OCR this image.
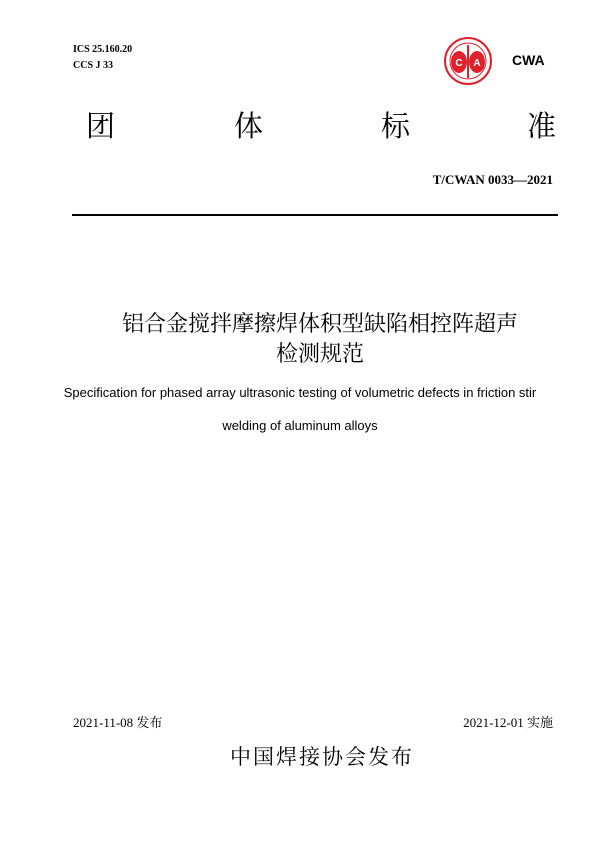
ICS 25.160.20
CCS J 33	C A CWA
团	体	标	准
T/CWAN 0033—2021
铝合金搅拌摩擦焊体积型缺陷相控阵超声
检测规范
Specification for phased array ultrasonic testing of volumetric defects in friction stir
welding of aluminum alloys
2021-11-08 发布	2021-12-01 实施
中国焊接协会发布
